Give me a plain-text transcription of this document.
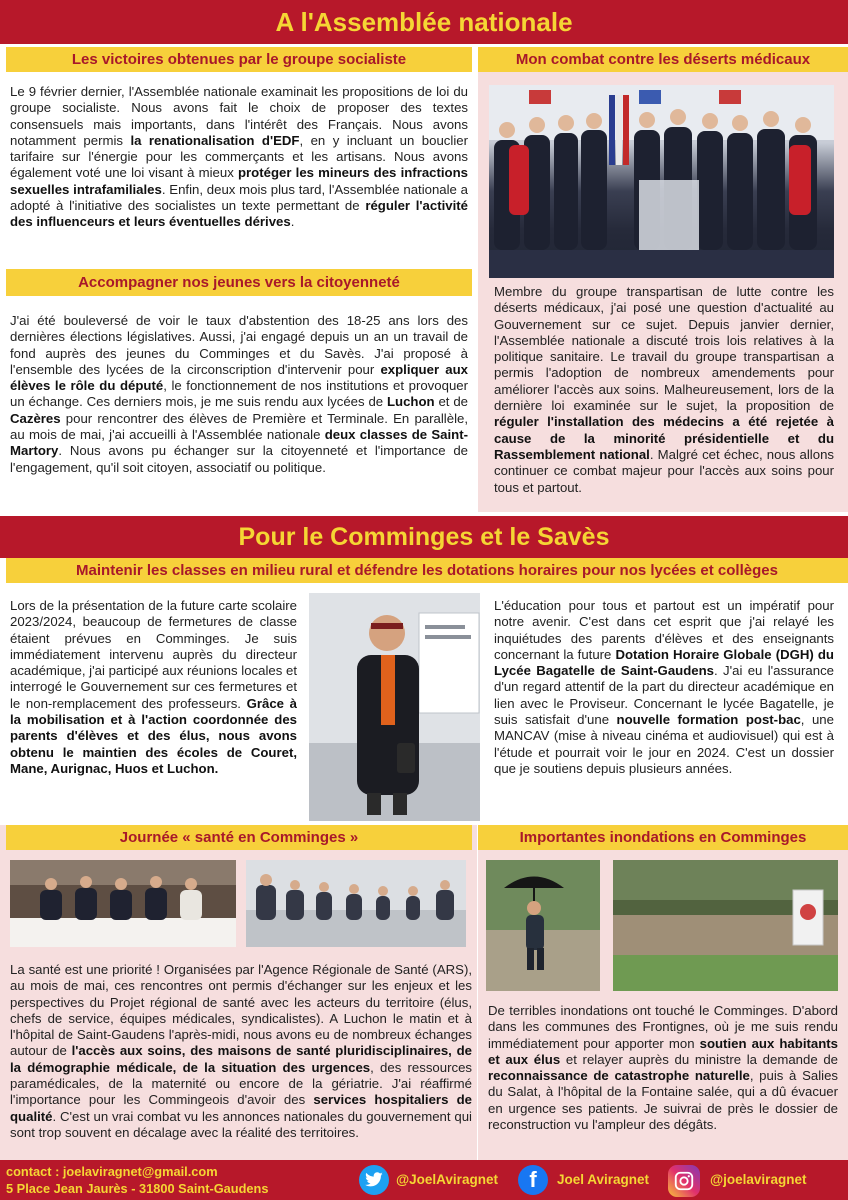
A l'Assemblée nationale
Les victoires obtenues par le groupe socialiste
Le 9 février dernier, l'Assemblée nationale examinait les propositions de loi du groupe socialiste. Nous avons fait le choix de proposer des textes consensuels mais importants, dans l'intérêt des Français. Nous avons notamment permis la renationalisation d'EDF, en y incluant un bouclier tarifaire sur l'énergie pour les commerçants et les artisans. Nous avons également voté une loi visant à mieux protéger les mineurs des infractions sexuelles intrafamiliales. Enfin, deux mois plus tard, l'Assemblée nationale a adopté à l'initiative des socialistes un texte permettant de réguler l'activité des influenceurs et leurs éventuelles dérives.
Accompagner nos jeunes vers la citoyenneté
J'ai été bouleversé de voir le taux d'abstention des 18-25 ans lors des dernières élections législatives. Aussi, j'ai engagé depuis un an un travail de fond auprès des jeunes du Comminges et du Savès. J'ai proposé à l'ensemble des lycées de la circonscription d'intervenir pour expliquer aux élèves le rôle du député, le fonctionnement de nos institutions et provoquer un échange. Ces derniers mois, je me suis rendu aux lycées de Luchon et de Cazères pour rencontrer des élèves de Première et Terminale. En parallèle, au mois de mai, j'ai accueilli à l'Assemblée nationale deux classes de Saint-Martory. Nous avons pu échanger sur la citoyenneté et l'importance de l'engagement, qu'il soit citoyen, associatif ou politique.
Mon combat contre les déserts médicaux
Membre du groupe transpartisan de lutte contre les déserts médicaux, j'ai posé une question d'actualité au Gouvernement sur ce sujet. Depuis janvier dernier, l'Assemblée nationale a discuté trois lois relatives à la politique sanitaire. Le travail du groupe transpartisan a permis l'adoption de nombreux amendements pour améliorer l'accès aux soins. Malheureusement, lors de la dernière loi examinée sur le sujet, la proposition de réguler l'installation des médecins a été rejetée à cause de la minorité présidentielle et du Rassemblement national. Malgré cet échec, nous allons continuer ce combat majeur pour l'accès aux soins pour tous et partout.
Pour le Comminges et le Savès
Maintenir les classes en milieu rural et défendre les dotations horaires pour nos lycées et collèges
Lors de la présentation de la future carte scolaire 2023/2024, beaucoup de fermetures de classe étaient prévues en Comminges. Je suis immédiatement intervenu auprès du directeur académique, j'ai participé aux réunions locales et interrogé le Gouvernement sur ces fermetures et le non-remplacement des professeurs. Grâce à la mobilisation et à l'action coordonnée des parents d'élèves et des élus, nous avons obtenu le maintien des écoles de Couret, Mane, Aurignac, Huos et Luchon.
L'éducation pour tous et partout est un impératif pour notre avenir. C'est dans cet esprit que j'ai relayé les inquiétudes des parents d'élèves et des enseignants concernant la future Dotation Horaire Globale (DGH) du Lycée Bagatelle de Saint-Gaudens. J'ai eu l'assurance d'un regard attentif de la part du directeur académique en lien avec le Proviseur. Concernant le lycée Bagatelle, je suis satisfait d'une nouvelle formation post-bac, une MANCAV (mise à niveau cinéma et audiovisuel) qui est à l'étude et pourrait voir le jour en 2024. C'est un dossier que je soutiens depuis plusieurs années.
Journée « santé en Comminges »
La santé est une priorité ! Organisées par l'Agence Régionale de Santé (ARS), au mois de mai, ces rencontres ont permis d'échanger sur les enjeux et les perspectives du Projet régional de santé avec les acteurs du territoire (élus, chefs de service, équipes médicales, syndicalistes). A Luchon le matin et à l'hôpital de Saint-Gaudens l'après-midi, nous avons eu de nombreux échanges autour de l'accès aux soins, des maisons de santé pluridisciplinaires, de la démographie médicale, de la situation des urgences, des ressources paramédicales, de la maternité ou encore de la gériatrie. J'ai réaffirmé l'importance pour les Commingeois d'avoir des services hospitaliers de qualité. C'est un vrai combat vu les annonces nationales du gouvernement qui sont trop souvent en décalage avec la réalité des territoires.
Importantes inondations en Comminges
De terribles inondations ont touché le Comminges. D'abord dans les communes des Frontignes, où je me suis rendu immédiatement pour apporter mon soutien aux habitants et aux élus et relayer auprès du ministre la demande de reconnaissance de catastrophe naturelle, puis à Salies du Salat, à l'hôpital de la Fontaine salée, qui a dû évacuer en urgence ses patients. Je suivrai de près le dossier de reconstruction vu l'ampleur des dégâts.
contact : joelaviragnet@gmail.com
5 Place Jean Jaurès - 31800 Saint-Gaudens
@JoelAviragnet f Joel Aviragnet	@joelaviragnet
